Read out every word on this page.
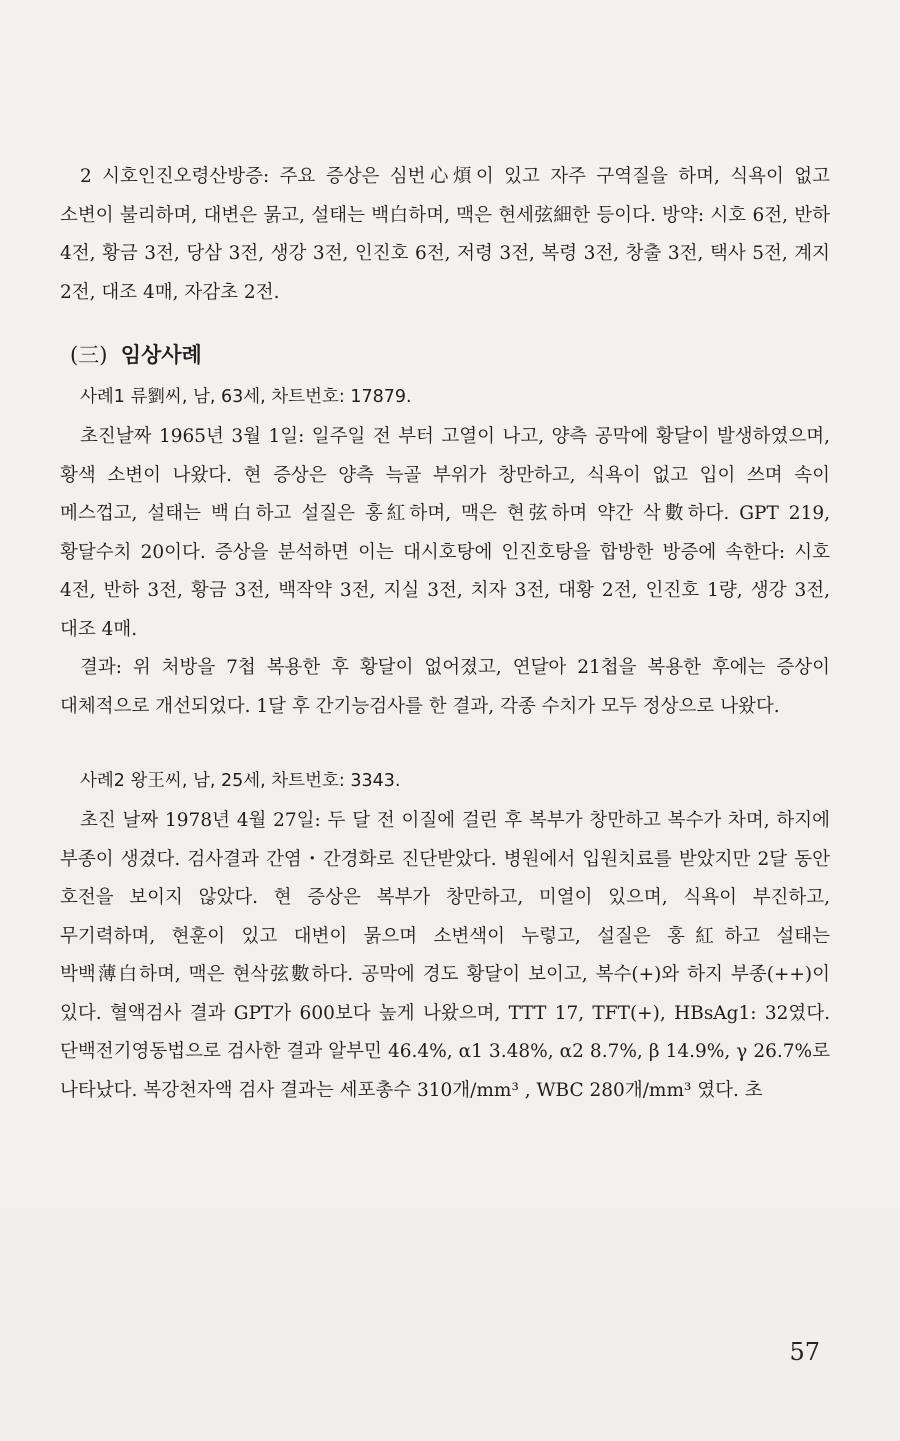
2 시호인진오령산방증: 주요 증상은 심번心煩이 있고 자주 구역질을 하며, 식욕이 없고 소변이 불리하며, 대변은 묽고, 설태는 백白하며, 맥은 현세弦細한 등이다. 방약: 시호 6전, 반하 4전, 황금 3전, 당삼 3전, 생강 3전, 인진호 6전, 저령 3전, 복령 3전, 창출 3전, 택사 5전, 계지 2전, 대조 4매, 자감초 2전.

(三) 임상사례
사례1 류劉씨, 남, 63세, 차트번호: 17879.

초진날짜 1965년 3월 1일: 일주일 전 부터 고열이 나고, 양측 공막에 황달이 발생하였으며, 황색 소변이 나왔다. 현 증상은 양측 늑골 부위가 창만하고, 식욕이 없고 입이 쓰며 속이 메스껍고, 설태는 백白하고 설질은 홍紅하며, 맥은 현弦하며 약간 삭數하다. GPT 219, 황달수치 20이다. 증상을 분석하면 이는 대시호탕에 인진호탕을 합방한 방증에 속한다: 시호 4전, 반하 3전, 황금 3전, 백작약 3전, 지실 3전, 치자 3전, 대황 2전, 인진호 1량, 생강 3전, 대조 4매.

결과: 위 처방을 7첩 복용한 후 황달이 없어졌고, 연달아 21첩을 복용한 후에는 증상이 대체적으로 개선되었다. 1달 후 간기능검사를 한 결과, 각종 수치가 모두 정상으로 나왔다.

사례2 왕王씨, 남, 25세, 차트번호: 3343.

초진 날짜 1978년 4월 27일: 두 달 전 이질에 걸린 후 복부가 창만하고 복수가 차며, 하지에 부종이 생겼다. 검사결과 간염・간경화로 진단받았다. 병원에서 입원치료를 받았지만 2달 동안 호전을 보이지 않았다. 현 증상은 복부가 창만하고, 미열이 있으며, 식욕이 부진하고, 무기력하며, 현훈이 있고 대변이 묽으며 소변색이 누렇고, 설질은 홍紅하고 설태는 박백薄白하며, 맥은 현삭弦數하다. 공막에 경도 황달이 보이고, 복수(+)와 하지 부종(++)이 있다. 혈액검사 결과 GPT가 600보다 높게 나왔으며, TTT 17, TFT(+), HBsAg1: 32였다. 단백전기영동법으로 검사한 결과 알부민 46.4%, α1 3.48%, α2 8.7%, β 14.9%, γ 26.7%로 나타났다. 복강천자액 검사 결과는 세포총수 310개/mm³ , WBC 280개/mm³ 였다. 초

57
